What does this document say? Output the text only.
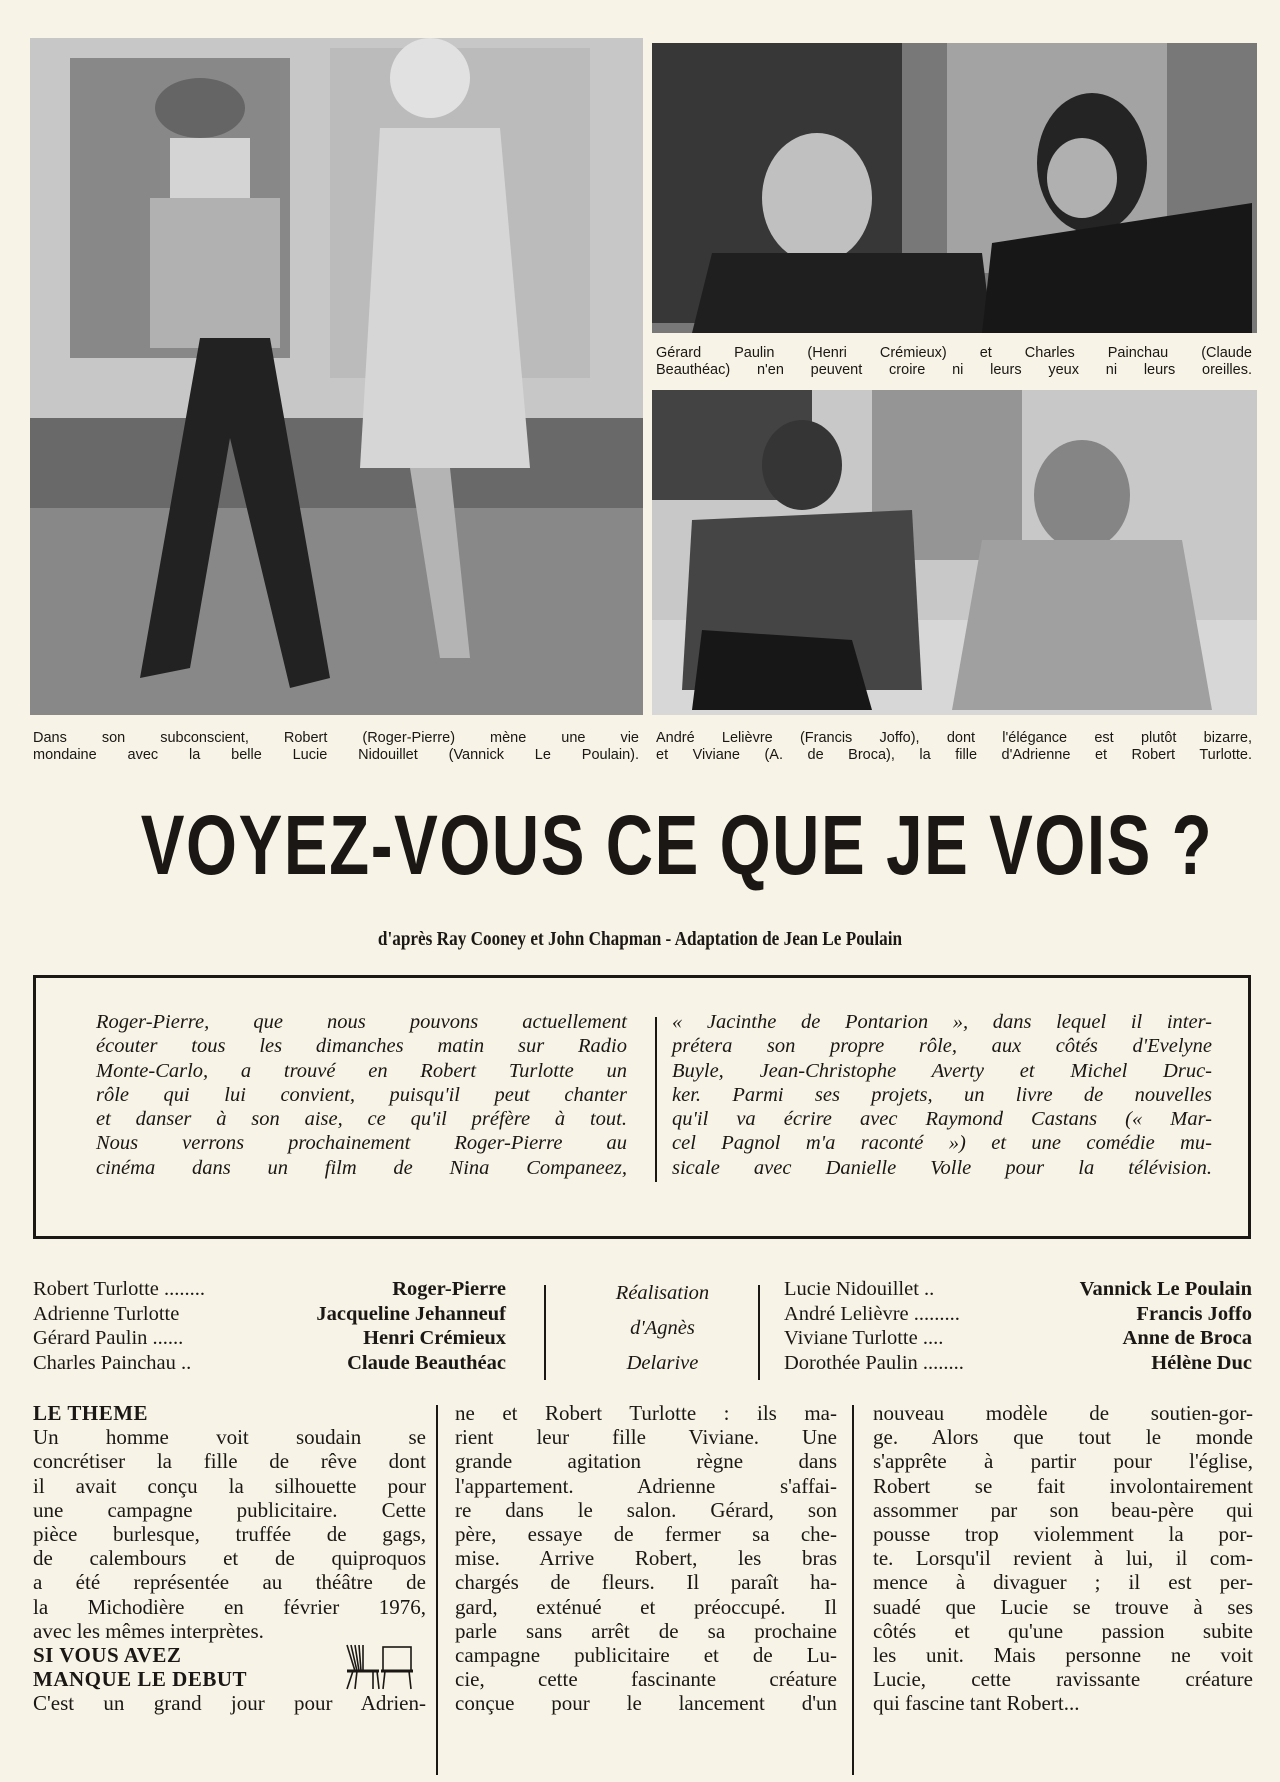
Dans son subconscient, Robert (Roger-Pierre) mène une vie
mondaine avec la belle Lucie Nidouillet (Vannick Le Poulain).
Gérard Paulin (Henri Crémieux) et Charles Painchau (Claude
Beauthéac) n'en peuvent croire ni leurs yeux ni leurs oreilles.
André Lelièvre (Francis Joffo), dont l'élégance est plutôt bizarre,
et Viviane (A. de Broca), la fille d'Adrienne et Robert Turlotte.
VOYEZ-VOUS CE QUE JE VOIS ?
d'après Ray Cooney et John Chapman - Adaptation de Jean Le Poulain
Roger-Pierre, que nous pouvons actuellement
écouter tous les dimanches matin sur Radio
Monte-Carlo, a trouvé en Robert Turlotte un
rôle qui lui convient, puisqu'il peut chanter
et danser à son aise, ce qu'il préfère à tout.
Nous verrons prochainement Roger-Pierre au
cinéma dans un film de Nina Companeez,
« Jacinthe de Pontarion », dans lequel il inter-
prétera son propre rôle, aux côtés d'Evelyne
Buyle, Jean-Christophe Averty et Michel Druc-
ker. Parmi ses projets, un livre de nouvelles
qu'il va écrire avec Raymond Castans (« Mar-
cel Pagnol m'a raconté ») et une comédie mu-
sicale avec Danielle Volle pour la télévision.
Robert Turlotte ........	Roger-Pierre
Adrienne Turlotte	Jacqueline Jehanneuf
Gérard Paulin ......	Henri Crémieux
Charles Painchau ..	Claude Beauthéac
Réalisation
d'Agnès
Delarive
Lucie Nidouillet ..	Vannick Le Poulain
André Lelièvre .........	Francis Joffo
Viviane Turlotte ....	Anne de Broca
Dorothée Paulin ........	Hélène Duc
LE THEME
Un homme voit soudain se
concrétiser la fille de rêve dont
il avait conçu la silhouette pour
une campagne publicitaire. Cette
pièce burlesque, truffée de gags,
de calembours et de quiproquos
a été représentée au théâtre de
la Michodière en février 1976,
avec les mêmes interprètes.
SI VOUS AVEZ
MANQUE LE DEBUT
C'est un grand jour pour Adrien-
ne et Robert Turlotte : ils ma-
rient leur fille Viviane. Une
grande agitation règne dans
l'appartement. Adrienne s'affai-
re dans le salon. Gérard, son
père, essaye de fermer sa che-
mise. Arrive Robert, les bras
chargés de fleurs. Il paraît ha-
gard, exténué et préoccupé. Il
parle sans arrêt de sa prochaine
campagne publicitaire et de Lu-
cie, cette fascinante créature
conçue pour le lancement d'un
nouveau modèle de soutien-gor-
ge. Alors que tout le monde
s'apprête à partir pour l'église,
Robert se fait involontairement
assommer par son beau-père qui
pousse trop violemment la por-
te. Lorsqu'il revient à lui, il com-
mence à divaguer ; il est per-
suadé que Lucie se trouve à ses
côtés et qu'une passion subite
les unit. Mais personne ne voit
Lucie, cette ravissante créature
qui fascine tant Robert...
